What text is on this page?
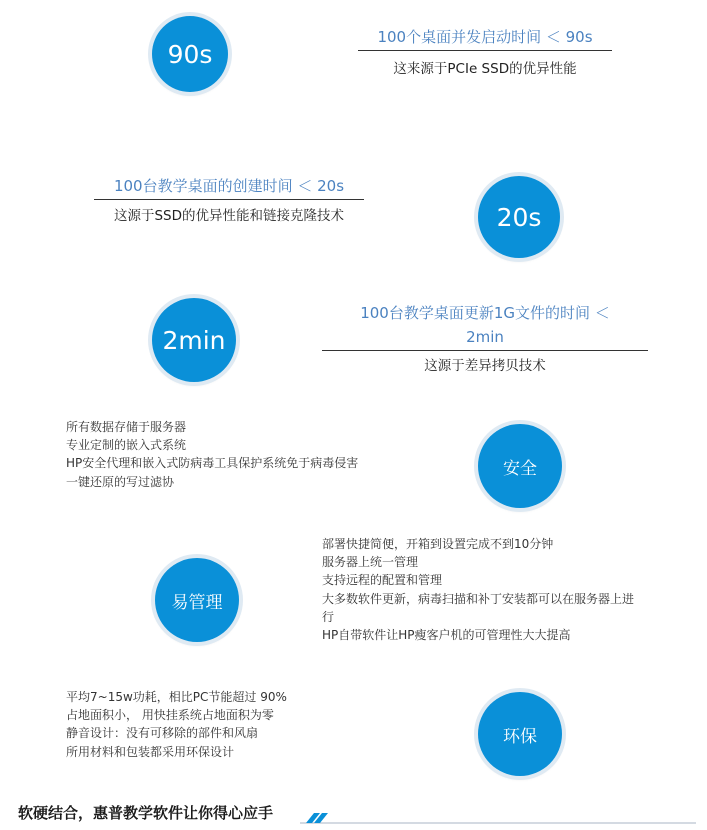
90s
100个桌面并发启动时间 ＜ 90s
这来源于PCIe SSD的优异性能
100台教学桌面的创建时间 ＜ 20s
这源于SSD的优异性能和链接克隆技术	20s
2min
100台教学桌面更新1G文件的时间 ＜
2min
这源于差异拷贝技术
所有数据存储于服务器
专业定制的嵌入式系统
HP安全代理和嵌入式防病毒工具保护系统免于病毒侵害
一键还原的写过滤协
安全
易管理
部署快捷简便，开箱到设置完成不到10分钟
服务器上统一管理
支持远程的配置和管理
大多数软件更新，病毒扫描和补丁安装都可以在服务器上进行
HP自带软件让HP瘦客户机的可管理性大大提高
平均7~15w功耗，相比PC节能超过 90%
占地面积小， 用快挂系统占地面积为零
静音设计：没有可移除的部件和风扇
所用材料和包装都采用环保设计
环保
软硬结合，惠普教学软件让你得心应手
